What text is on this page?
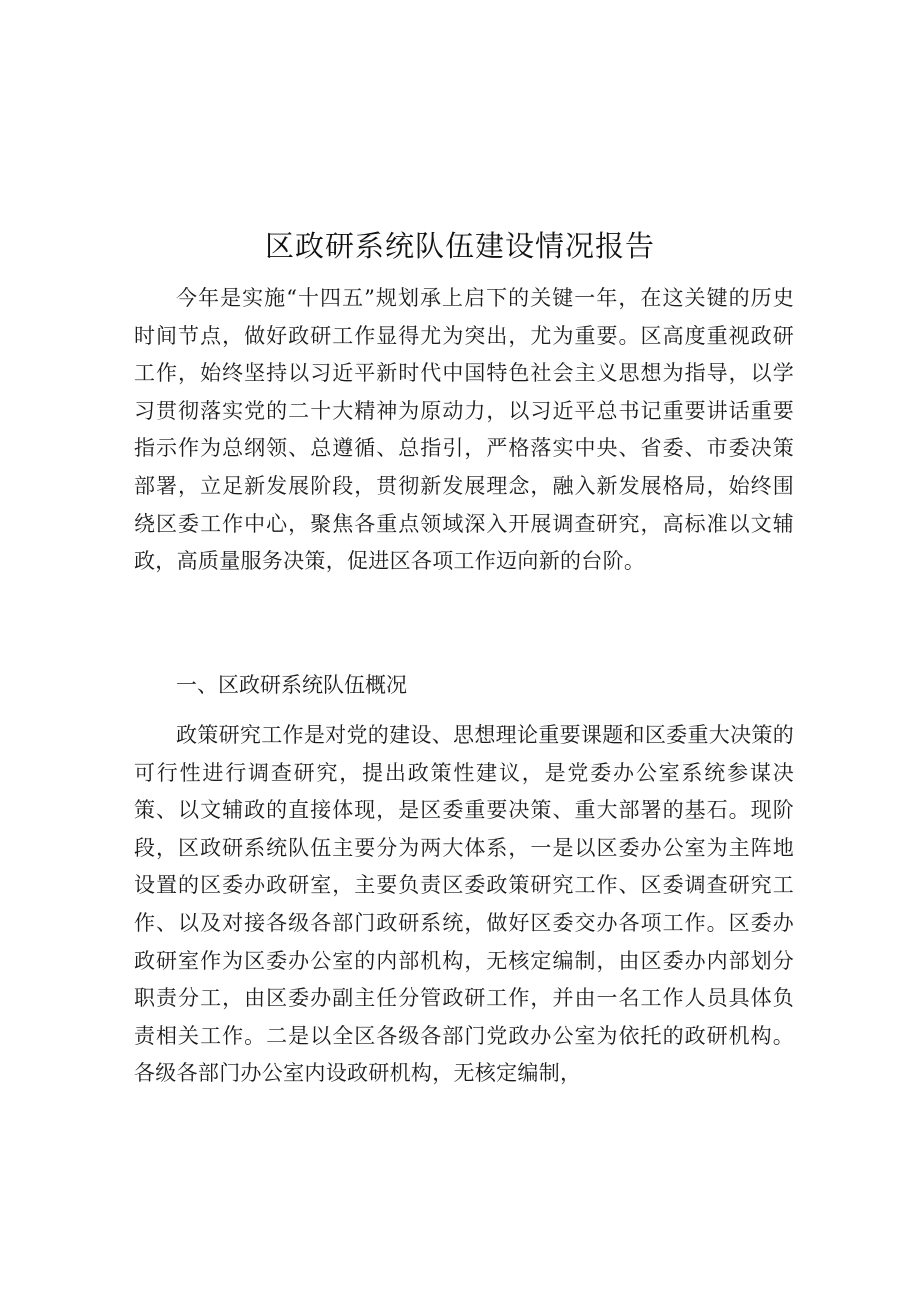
区政研系统队伍建设情况报告

今年是实施“十四五”规划承上启下的关键一年，在这关键的历史时间节点，做好政研工作显得尤为突出，尤为重要。区高度重视政研工作，始终坚持以习近平新时代中国特色社会主义思想为指导，以学习贯彻落实党的二十大精神为原动力，以习近平总书记重要讲话重要指示作为总纲领、总遵循、总指引，严格落实中央、省委、市委决策部署，立足新发展阶段，贯彻新发展理念，融入新发展格局，始终围绕区委工作中心，聚焦各重点领域深入开展调查研究，高标准以文辅政，高质量服务决策，促进区各项工作迈向新的台阶。

一、区政研系统队伍概况

政策研究工作是对党的建设、思想理论重要课题和区委重大决策的可行性进行调查研究，提出政策性建议，是党委办公室系统参谋决策、以文辅政的直接体现，是区委重要决策、重大部署的基石。现阶段，区政研系统队伍主要分为两大体系，一是以区委办公室为主阵地设置的区委办政研室，主要负责区委政策研究工作、区委调查研究工作、以及对接各级各部门政研系统，做好区委交办各项工作。区委办政研室作为区委办公室的内部机构，无核定编制，由区委办内部划分职责分工，由区委办副主任分管政研工作，并由一名工作人员具体负责相关工作。二是以全区各级各部门党政办公室为依托的政研机构。各级各部门办公室内设政研机构，无核定编制，
